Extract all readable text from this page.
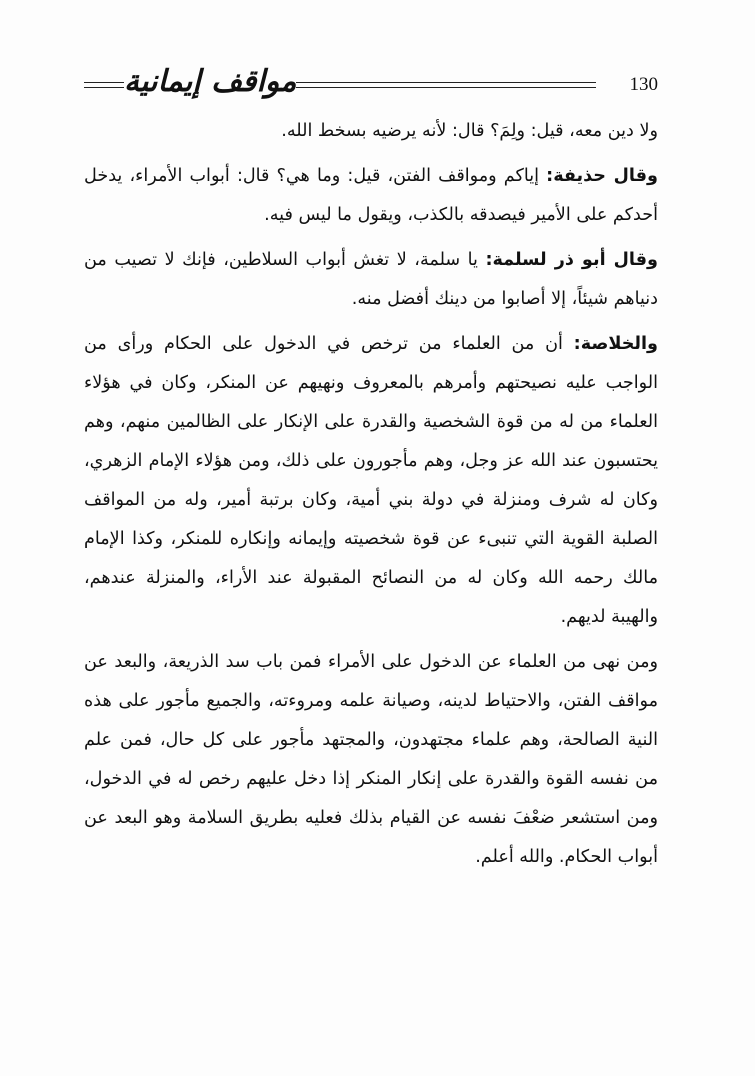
مواقف إيمانية	130

ولا دين معه، قيل: ولِمَ؟ قال: لأنه يرضيه بسخط الله.

وقال حذيفة: إياكم ومواقف الفتن، قيل: وما هي؟ قال: أبواب الأمراء، يدخل أحدكم على الأمير فيصدقه بالكذب، ويقول ما ليس فيه.

وقال أبو ذر لسلمة: يا سلمة، لا تغش أبواب السلاطين، فإنك لا تصيب من دنياهم شيئاً، إلا أصابوا من دينك أفضل منه.

والخلاصة: أن من العلماء من ترخص في الدخول على الحكام ورأى من الواجب عليه نصيحتهم وأمرهم بالمعروف ونهيهم عن المنكر، وكان في هؤلاء العلماء من له من قوة الشخصية والقدرة على الإنكار على الظالمين منهم، وهم يحتسبون عند الله عز وجل، وهم مأجورون على ذلك، ومن هؤلاء الإمام الزهري، وكان له شرف ومنزلة في دولة بني أمية، وكان برتبة أمير، وله من المواقف الصلبة القوية التي تنبىء عن قوة شخصيته وإيمانه وإنكاره للمنكر، وكذا الإمام مالك رحمه الله وكان له من النصائح المقبولة عند الأراء، والمنزلة عندهم، والهيبة لديهم.

ومن نهى من العلماء عن الدخول على الأمراء فمن باب سد الذريعة، والبعد عن مواقف الفتن، والاحتياط لدينه، وصيانة علمه ومروءته، والجميع مأجور على هذه النية الصالحة، وهم علماء مجتهدون، والمجتهد مأجور على كل حال، فمن علم من نفسه القوة والقدرة على إنكار المنكر إذا دخل عليهم رخص له في الدخول، ومن استشعر ضعْفَ نفسه عن القيام بذلك فعليه بطريق السلامة وهو البعد عن أبواب الحكام. والله أعلم.
